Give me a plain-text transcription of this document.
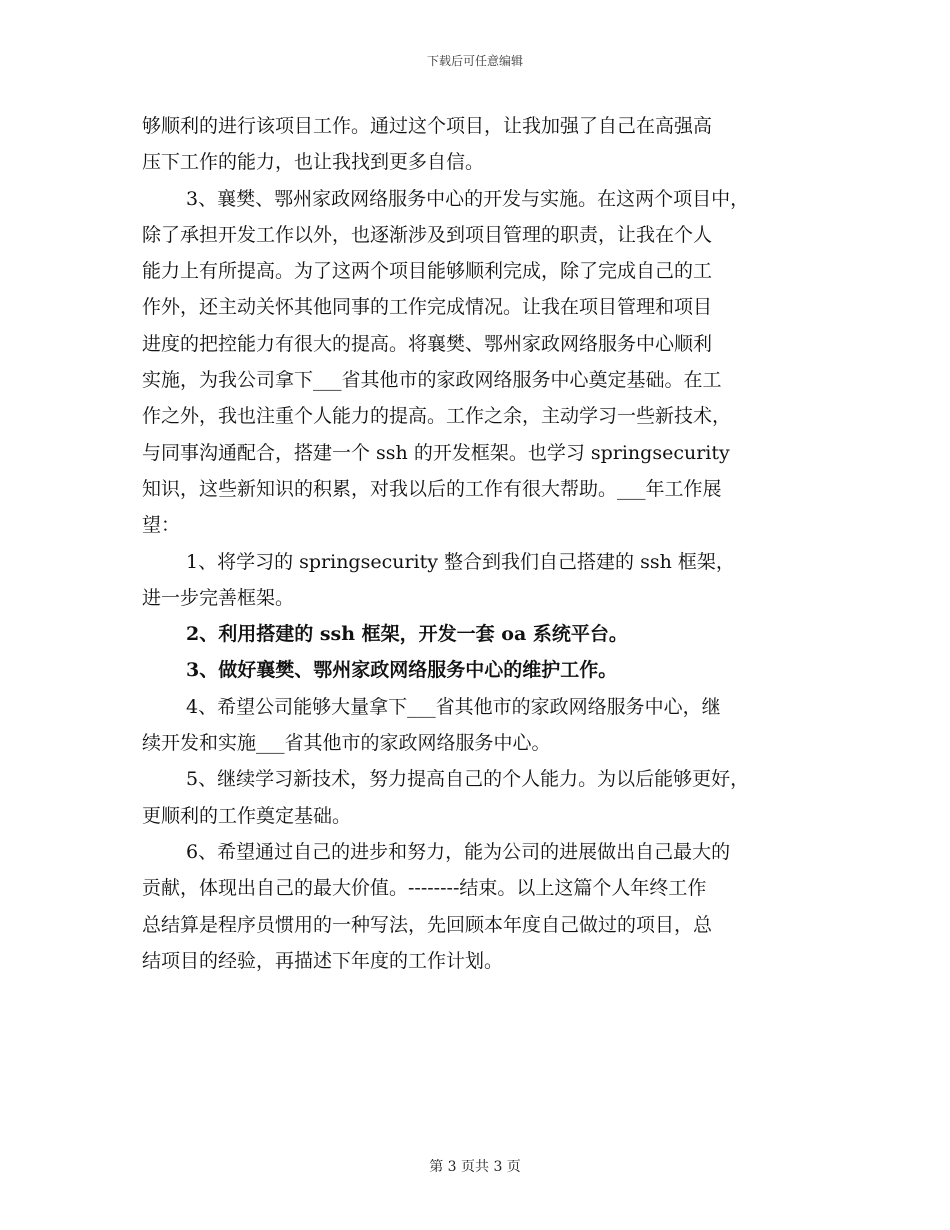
下载后可任意编辑
够顺利的进行该项目工作。通过这个项目，让我加强了自己在高强高
压下工作的能力，也让我找到更多自信。
3、襄樊、鄂州家政网络服务中心的开发与实施。在这两个项目中，
除了承担开发工作以外，也逐渐涉及到项目管理的职责，让我在个人
能力上有所提高。为了这两个项目能够顺利完成，除了完成自己的工
作外，还主动关怀其他同事的工作完成情况。让我在项目管理和项目
进度的把控能力有很大的提高。将襄樊、鄂州家政网络服务中心顺利
实施，为我公司拿下___省其他市的家政网络服务中心奠定基础。在工
作之外，我也注重个人能力的提高。工作之余，主动学习一些新技术，
与同事沟通配合，搭建一个 ssh 的开发框架。也学习 springsecurity
知识，这些新知识的积累，对我以后的工作有很大帮助。___年工作展
望：
1、将学习的 springsecurity 整合到我们自己搭建的 ssh 框架，
进一步完善框架。
2、利用搭建的 ssh 框架，开发一套 oa 系统平台。
3、做好襄樊、鄂州家政网络服务中心的维护工作。
4、希望公司能够大量拿下___省其他市的家政网络服务中心，继
续开发和实施___省其他市的家政网络服务中心。
5、继续学习新技术，努力提高自己的个人能力。为以后能够更好，
更顺利的工作奠定基础。
6、希望通过自己的进步和努力，能为公司的进展做出自己最大的
贡献，体现出自己的最大价值。--------结束。以上这篇个人年终工作
总结算是程序员惯用的一种写法，先回顾本年度自己做过的项目，总
结项目的经验，再描述下年度的工作计划。
第 3 页共 3 页
